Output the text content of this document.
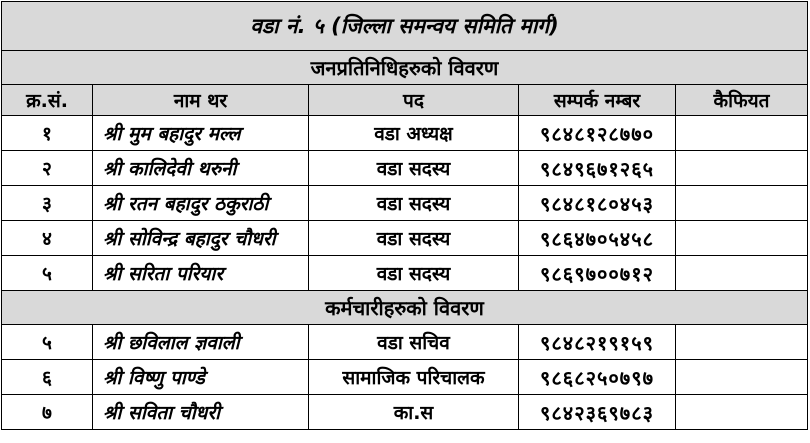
वडा नं. ५ (जिल्ला समन्वय समिति मार्ग)				
जनप्रतिनिधिहरुको विवरण				
क्र.सं.	नाम थर	पद	सम्पर्क नम्बर	कैफियत
१	श्री मुम बहादुर मल्ल	वडा अध्यक्ष	९८४८१२८७७०	
२	श्री कालिदेवी थरुनी	वडा सदस्य	९८४९६७१२६५	
३	श्री रतन बहादुर ठकुराठी	वडा सदस्य	९८४८१८०४५३	
४	श्री सोविन्द्र बहादुर चौधरी	वडा सदस्य	९८६४७०५४५८	
५	श्री सरिता परियार	वडा सदस्य	९८६९७००७१२	
कर्मचारीहरुको विवरण				
५	श्री छविलाल ज्ञवाली	वडा सचिव	९८४८२१९१५९	
६	श्री विष्णु पाण्डे	सामाजिक परिचालक	९८६८२५०७९७	
७	श्री सविता चौधरी	का.स	९८४२३६९७८३	
